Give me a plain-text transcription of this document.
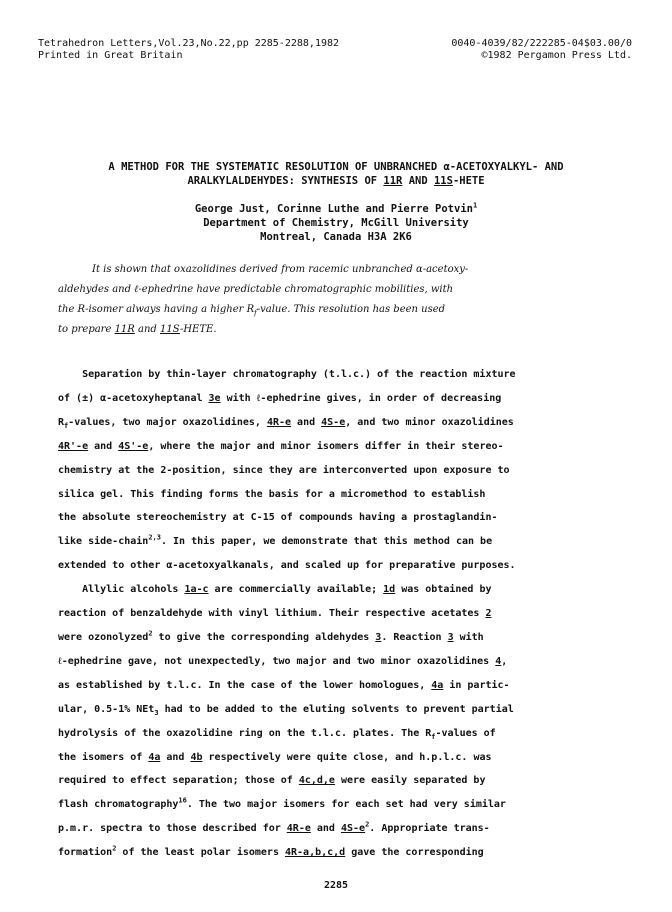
Tetrahedron Letters,Vol.23,No.22,pp 2285-2288,1982
Printed in Great Britain
0040-4039/82/222285-04$03.00/0
©1982 Pergamon Press Ltd.
A METHOD FOR THE SYSTEMATIC RESOLUTION OF UNBRANCHED α-ACETOXYALKYL- AND
ARALKYLALDEHYDES: SYNTHESIS OF 11R AND 11S-HETE
George Just, Corinne Luthe and Pierre Potvin$^1$
Department of Chemistry, McGill University
Montreal, Canada H3A 2K6

It is shown that oxazolidines derived from racemic unbranched α-acetoxy-

aldehydes and ℓ-ephedrine have predictable chromatographic mobilities, with

the R-isomer always having a higher $R_f$-value. This resolution has been used

to prepare 11R and 11S-HETE.

Separation by thin-layer chromatography (t.l.c.) of the reaction mixture

of (±) α-acetoxyheptanal 3e with ℓ-ephedrine gives, in order of decreasing

$R_f$-values, two major oxazolidines, 4R-e and 4S-e, and two minor oxazolidines

4R'-e and 4S'-e, where the major and minor isomers differ in their stereo-

chemistry at the 2-position, since they are interconverted upon exposure to

silica gel. This finding forms the basis for a micromethod to establish

the absolute stereochemistry at C-15 of compounds having a prostaglandin-

like side-chain$^{2,3}$. In this paper, we demonstrate that this method can be

extended to other α-acetoxyalkanals, and scaled up for preparative purposes.

Allylic alcohols 1a-c are commercially available; 1d was obtained by

reaction of benzaldehyde with vinyl lithium. Their respective acetates 2

were ozonolyzed$^2$ to give the corresponding aldehydes 3. Reaction 3 with

ℓ-ephedrine gave, not unexpectedly, two major and two minor oxazolidines 4,

as established by t.l.c. In the case of the lower homologues, 4a in partic-

ular, 0.5-1% NEt$_3$ had to be added to the eluting solvents to prevent partial

hydrolysis of the oxazolidine ring on the t.l.c. plates. The $R_f$-values of

the isomers of 4a and 4b respectively were quite close, and h.p.l.c. was

required to effect separation; those of 4c,d,e were easily separated by

flash chromatography$^{16}$. The two major isomers for each set had very similar

p.m.r. spectra to those described for 4R-e and $4S-e^2$. Appropriate trans-

formation$^2$ of the least polar isomers 4R-a,b,c,d gave the corresponding

2285
